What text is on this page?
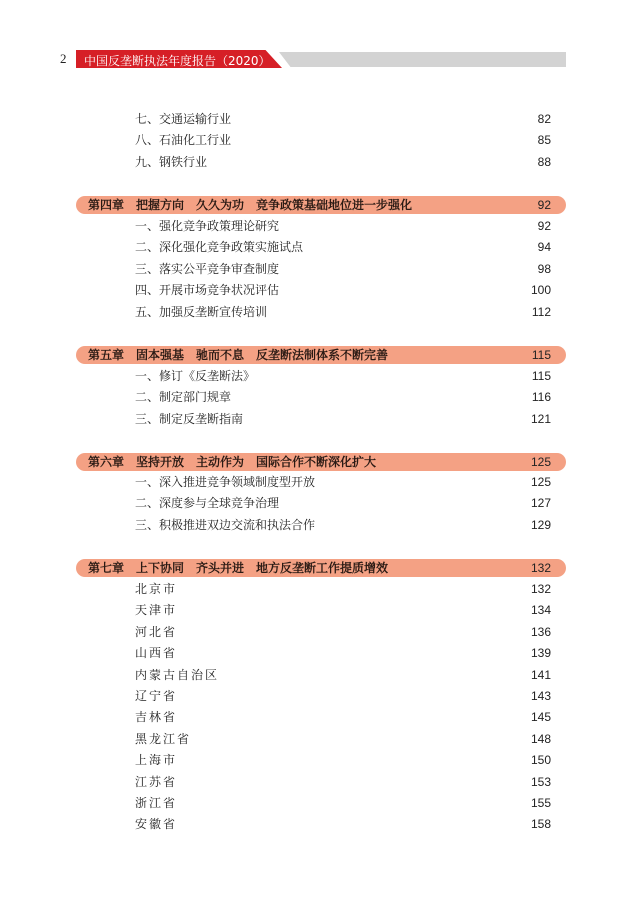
2 中国反垄断执法年度报告（2020）
七、交通运输行业	82
八、石油化工行业	85
九、钢铁行业	88
第四章　把握方向　久久为功　竞争政策基础地位进一步强化	92
一、强化竞争政策理论研究	92
二、深化强化竞争政策实施试点	94
三、落实公平竞争审查制度	98
四、开展市场竞争状况评估	100
五、加强反垄断宣传培训	112
第五章　固本强基　驰而不息　反垄断法制体系不断完善	115
一、修订《反垄断法》	115
二、制定部门规章	116
三、制定反垄断指南	121
第六章　坚持开放　主动作为　国际合作不断深化扩大	125
一、深入推进竞争领域制度型开放	125
二、深度参与全球竞争治理	127
三、积极推进双边交流和执法合作	129
第七章　上下协同　齐头并进　地方反垄断工作提质增效	132
北京市	132
天津市	134
河北省	136
山西省	139
内蒙古自治区	141
辽宁省	143
吉林省	145
黑龙江省	148
上海市	150
江苏省	153
浙江省	155
安徽省	158
